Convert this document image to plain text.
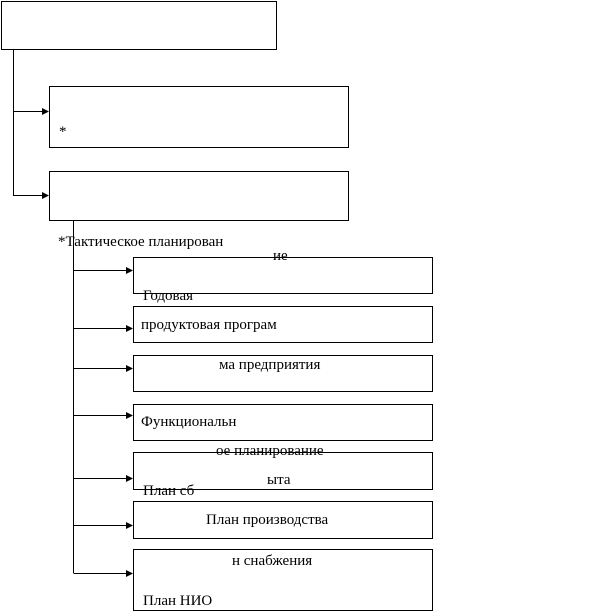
*
*Тактическое планирован
ие
Годовая
продуктовая програм
ма предприятия
Функциональн
ое планирование
План сб
ыта
План производства
н снабжения
План НИО
